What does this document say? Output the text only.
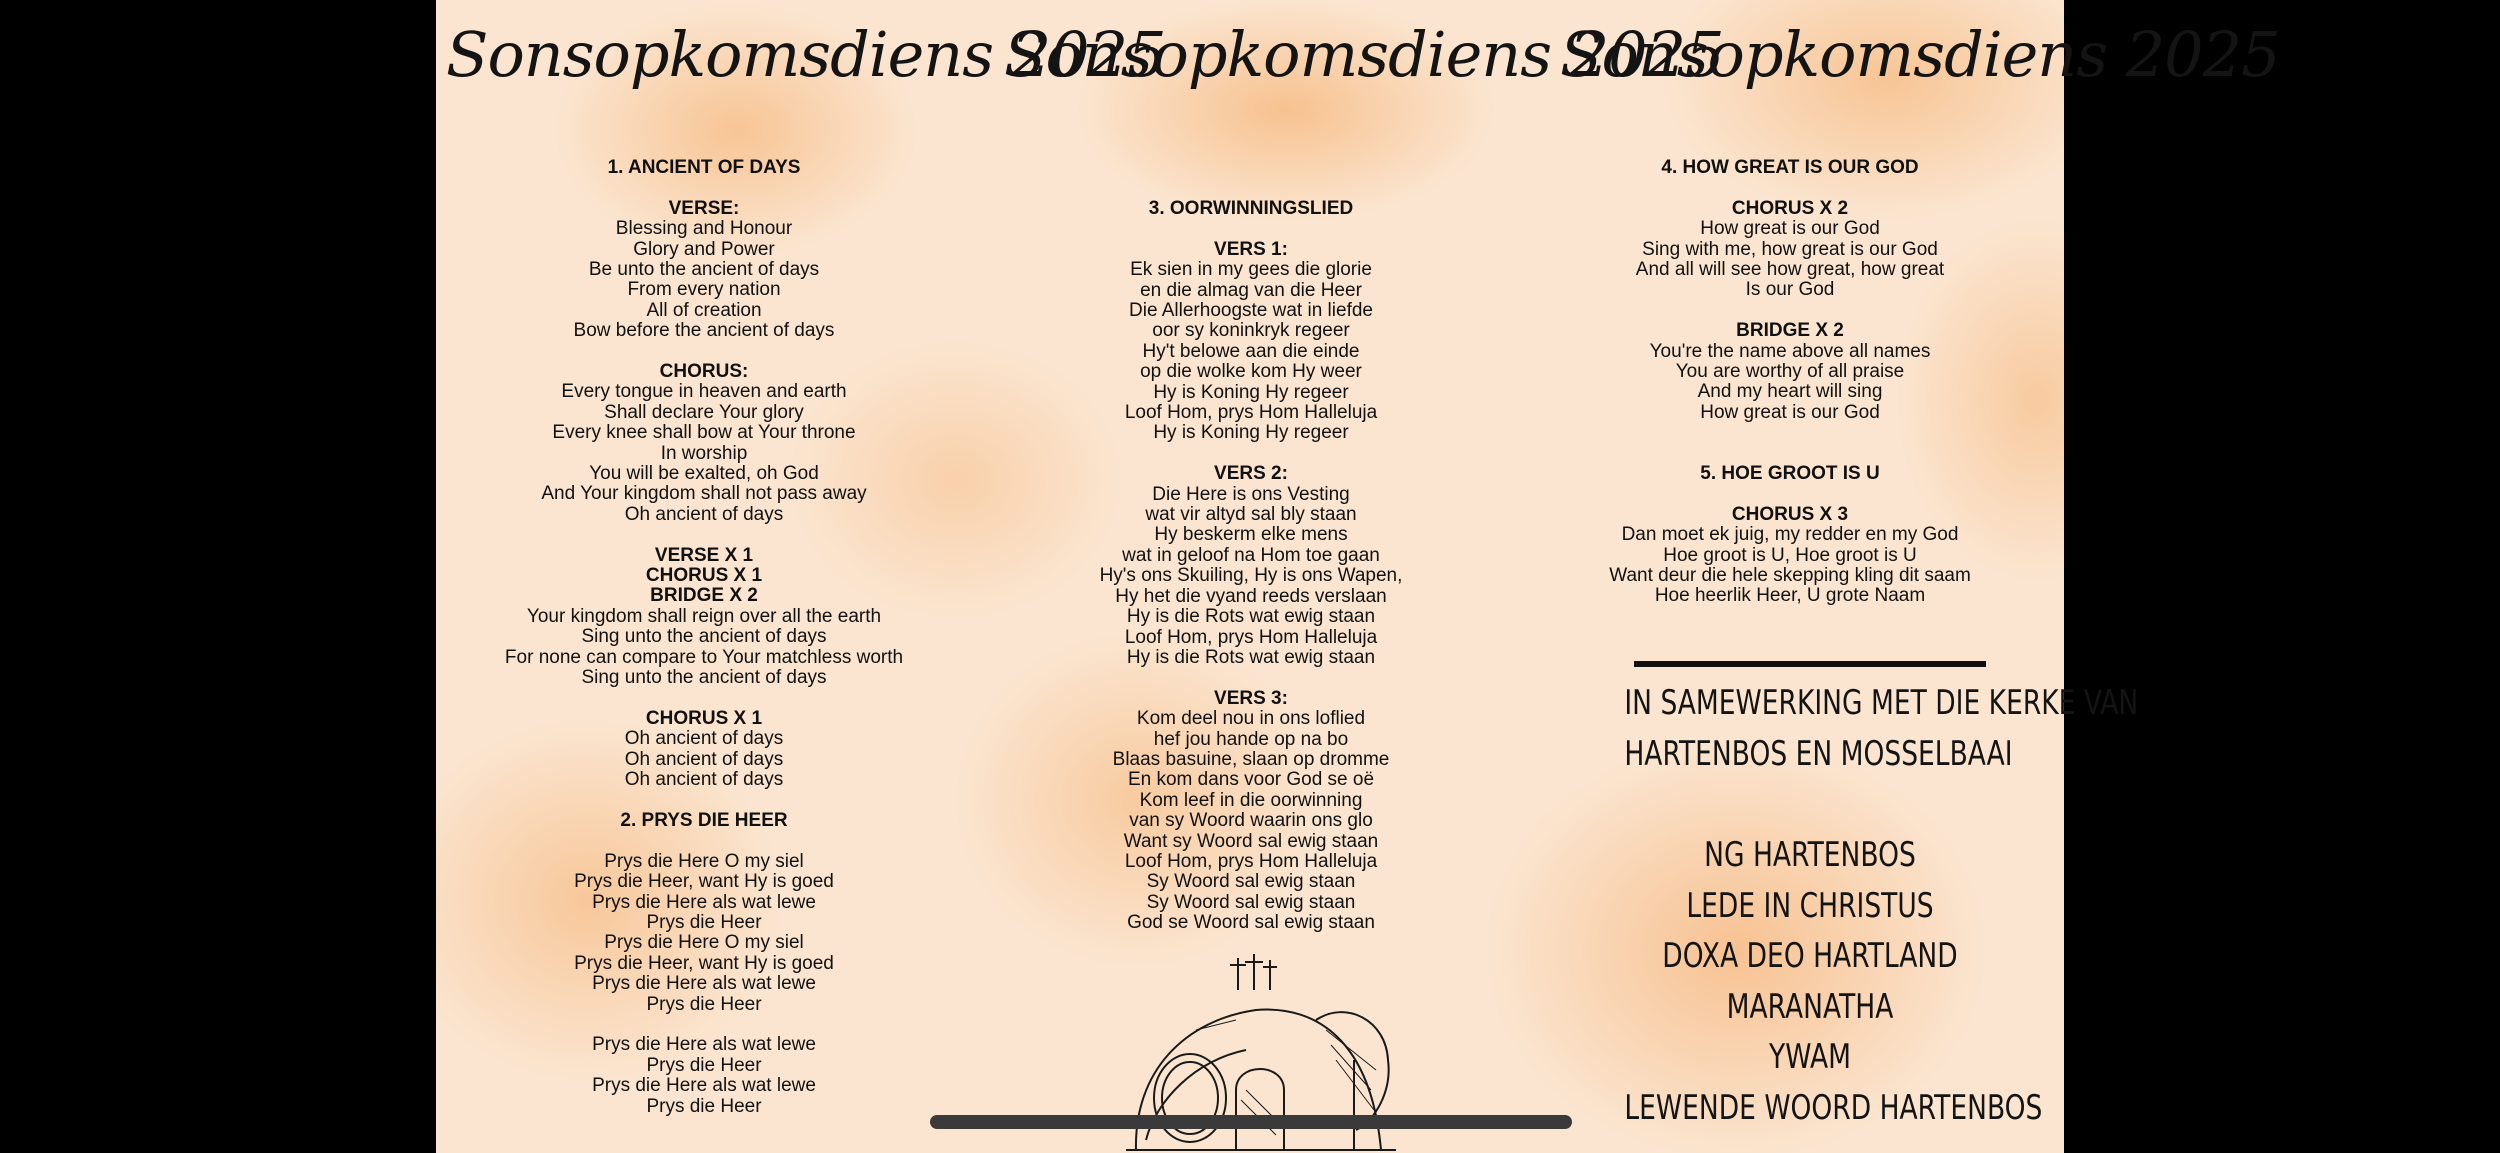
Sonsopkomsdiens 2025
Sonsopkomsdiens 2025
Sonsopkomsdiens 2025
1. ANCIENT OF DAYS
VERSE:
Blessing and Honour
Glory and Power
Be unto the ancient of days
From every nation
All of creation
Bow before the ancient of days
CHORUS:
Every tongue in heaven and earth
Shall declare Your glory
Every knee shall bow at Your throne
In worship
You will be exalted, oh God
And Your kingdom shall not pass away
Oh ancient of days
VERSE X 1
CHORUS X 1
BRIDGE X 2
Your kingdom shall reign over all the earth
Sing unto the ancient of days
For none can compare to Your matchless worth
Sing unto the ancient of days
CHORUS X 1
Oh ancient of days
Oh ancient of days
Oh ancient of days
2. PRYS DIE HEER
Prys die Here O my siel
Prys die Heer, want Hy is goed
Prys die Here als wat lewe
Prys die Heer
Prys die Here O my siel
Prys die Heer, want Hy is goed
Prys die Here als wat lewe
Prys die Heer
Prys die Here als wat lewe
Prys die Heer
Prys die Here als wat lewe
Prys die Heer
3. OORWINNINGSLIED
VERS 1:
Ek sien in my gees die glorie
en die almag van die Heer
Die Allerhoogste wat in liefde
oor sy koninkryk regeer
Hy't belowe aan die einde
op die wolke kom Hy weer
Hy is Koning Hy regeer
Loof Hom, prys Hom Halleluja
Hy is Koning Hy regeer
VERS 2:
Die Here is ons Vesting
wat vir altyd sal bly staan
Hy beskerm elke mens
wat in geloof na Hom toe gaan
Hy's ons Skuiling, Hy is ons Wapen,
Hy het die vyand reeds verslaan
Hy is die Rots wat ewig staan
Loof Hom, prys Hom Halleluja
Hy is die Rots wat ewig staan
VERS 3:
Kom deel nou in ons loflied
hef jou hande op na bo
Blaas basuine, slaan op dromme
En kom dans voor God se oë
Kom leef in die oorwinning
van sy Woord waarin ons glo
Want sy Woord sal ewig staan
Loof Hom, prys Hom Halleluja
Sy Woord sal ewig staan
Sy Woord sal ewig staan
God se Woord sal ewig staan
4. HOW GREAT IS OUR GOD
CHORUS X 2
How great is our God
Sing with me, how great is our God
And all will see how great, how great
Is our God
BRIDGE X 2
You're the name above all names
You are worthy of all praise
And my heart will sing
How great is our God
5. HOE GROOT IS U
CHORUS X 3
Dan moet ek juig, my redder en my God
Hoe groot is U, Hoe groot is U
Want deur die hele skepping kling dit saam
Hoe heerlik Heer, U grote Naam
IN SAMEWERKING MET DIE KERKE VAN
HARTENBOS EN MOSSELBAAI
NG HARTENBOS
LEDE IN CHRISTUS
DOXA DEO HARTLAND
MARANATHA
YWAM
LEWENDE WOORD HARTENBOS
